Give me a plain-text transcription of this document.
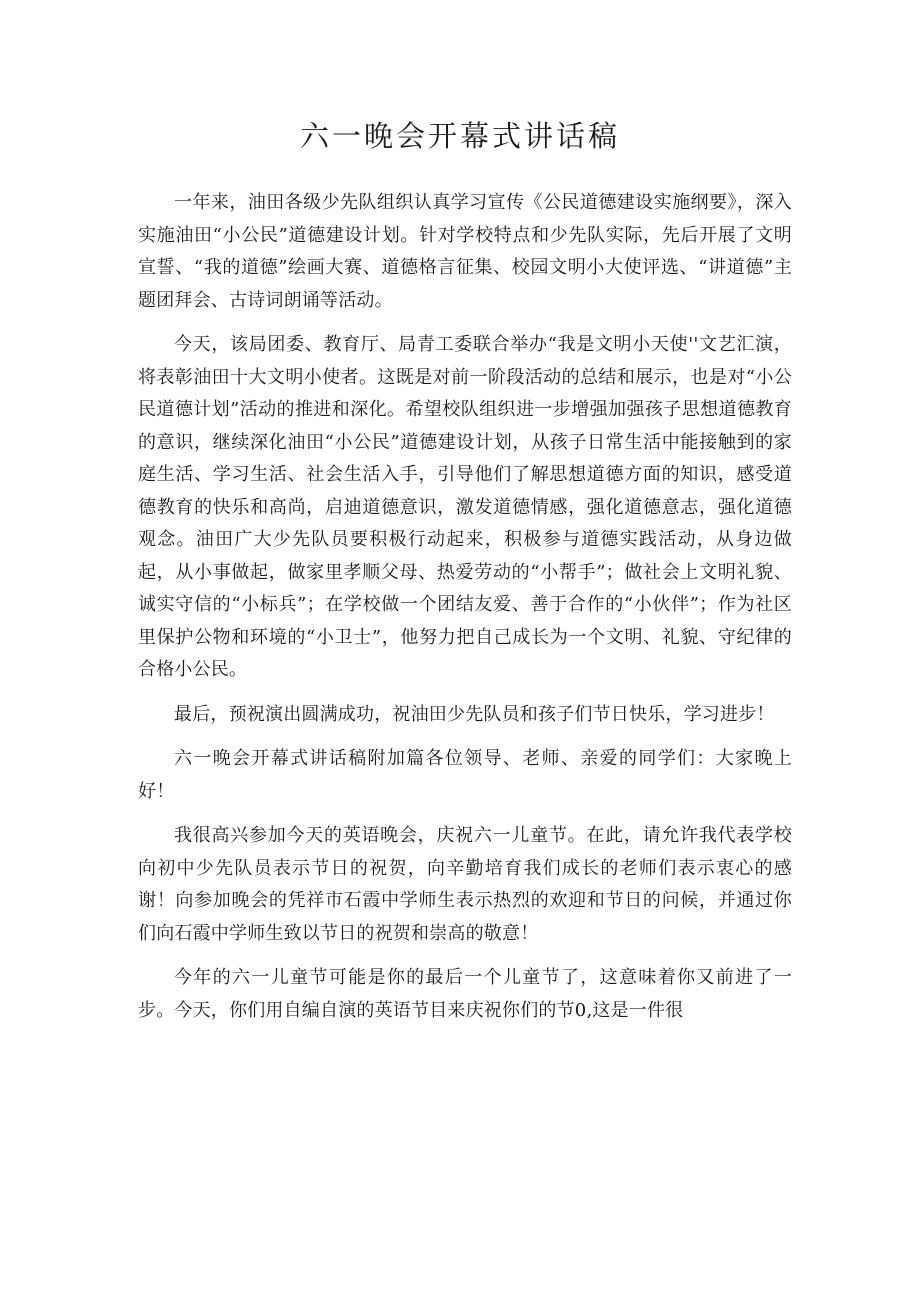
六一晚会开幕式讲话稿

一年来，油田各级少先队组织认真学习宣传《公民道德建设实施纲要》，深入实施油田“小公民”道德建设计划。针对学校特点和少先队实际，先后开展了文明宣誓、“我的道德”绘画大赛、道德格言征集、校园文明小大使评选、“讲道德”主题团拜会、古诗词朗诵等活动。

今天，该局团委、教育厅、局青工委联合举办“我是文明小天使''文艺汇演，将表彰油田十大文明小使者。这既是对前一阶段活动的总结和展示，也是对“小公民道德计划”活动的推进和深化。希望校队组织进一步增强加强孩子思想道德教育的意识，继续深化油田“小公民”道德建设计划，从孩子日常生活中能接触到的家庭生活、学习生活、社会生活入手，引导他们了解思想道德方面的知识，感受道德教育的快乐和高尚，启迪道德意识，激发道德情感，强化道德意志，强化道德观念。油田广大少先队员要积极行动起来，积极参与道德实践活动，从身边做起，从小事做起，做家里孝顺父母、热爱劳动的“小帮手”；做社会上文明礼貌、诚实守信的“小标兵”；在学校做一个团结友爱、善于合作的“小伙伴”；作为社区里保护公物和环境的“小卫士”，他努力把自己成长为一个文明、礼貌、守纪律的合格小公民。

最后，预祝演出圆满成功，祝油田少先队员和孩子们节日快乐，学习进步！

六一晚会开幕式讲话稿附加篇各位领导、老师、亲爱的同学们：大家晚上好！

我很高兴参加今天的英语晚会，庆祝六一儿童节。在此，请允许我代表学校向初中少先队员表示节日的祝贺，向辛勤培育我们成长的老师们表示衷心的感谢！向参加晚会的凭祥市石霞中学师生表示热烈的欢迎和节日的问候，并通过你们向石霞中学师生致以节日的祝贺和崇高的敬意！

今年的六一儿童节可能是你的最后一个儿童节了，这意味着你又前进了一步。今天，你们用自编自演的英语节目来庆祝你们的节0,这是一件很
